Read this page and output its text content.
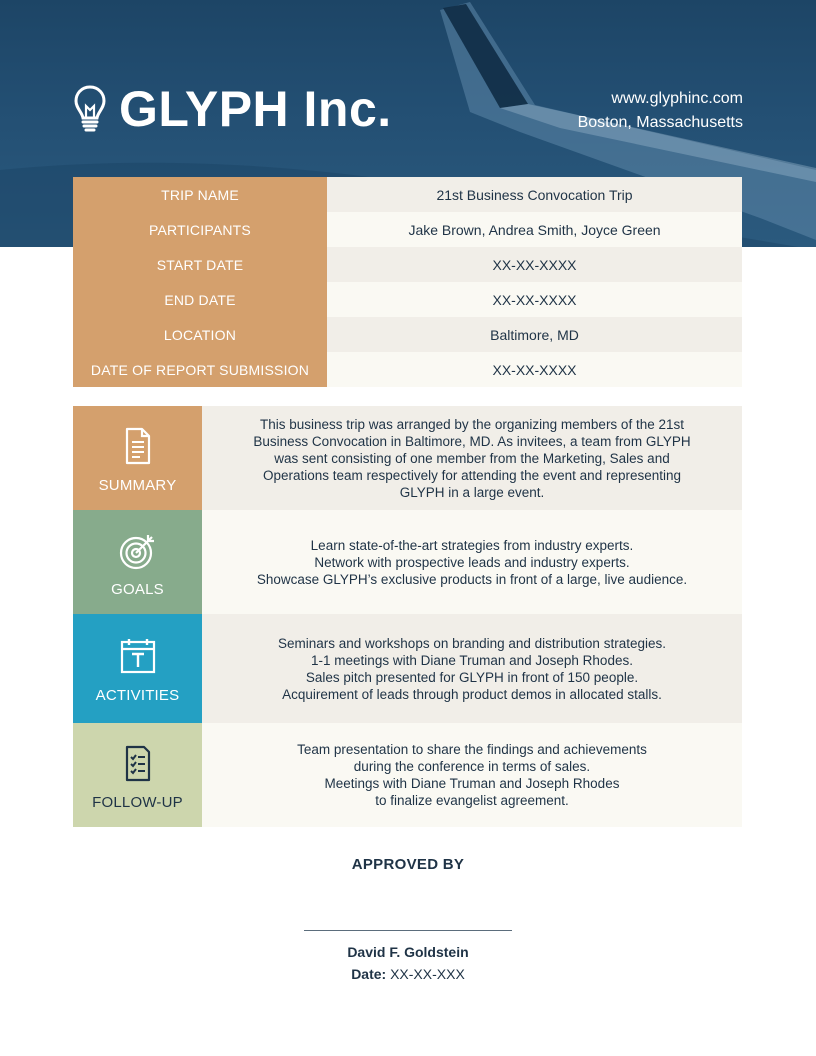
GLYPH Inc.	www.glyphinc.com
Boston, Massachusetts
TRIP NAME	21st Business Convocation Trip
PARTICIPANTS	Jake Brown, Andrea Smith, Joyce Green
START DATE	XX-XX-XXXX
END DATE	XX-XX-XXXX
LOCATION	Baltimore, MD
DATE OF REPORT SUBMISSION	XX-XX-XXXX
SUMMARY
This business trip was arranged by the organizing members of the 21st
Business Convocation in Baltimore, MD. As invitees, a team from GLYPH
was sent consisting of one member from the Marketing, Sales and
Operations team respectively for attending the event and representing
GLYPH in a large event.
GOALS
Learn state-of-the-art strategies from industry experts.
Network with prospective leads and industry experts.
Showcase GLYPH’s exclusive products in front of a large, live audience.
ACTIVITIES
Seminars and workshops on branding and distribution strategies.
1-1 meetings with Diane Truman and Joseph Rhodes.
Sales pitch presented for GLYPH in front of 150 people.
Acquirement of leads through product demos in allocated stalls.
FOLLOW-UP
Team presentation to share the findings and achievements
during the conference in terms of sales.
Meetings with Diane Truman and Joseph Rhodes
to finalize evangelist agreement.
APPROVED BY
David F. Goldstein
Date: XX-XX-XXX
